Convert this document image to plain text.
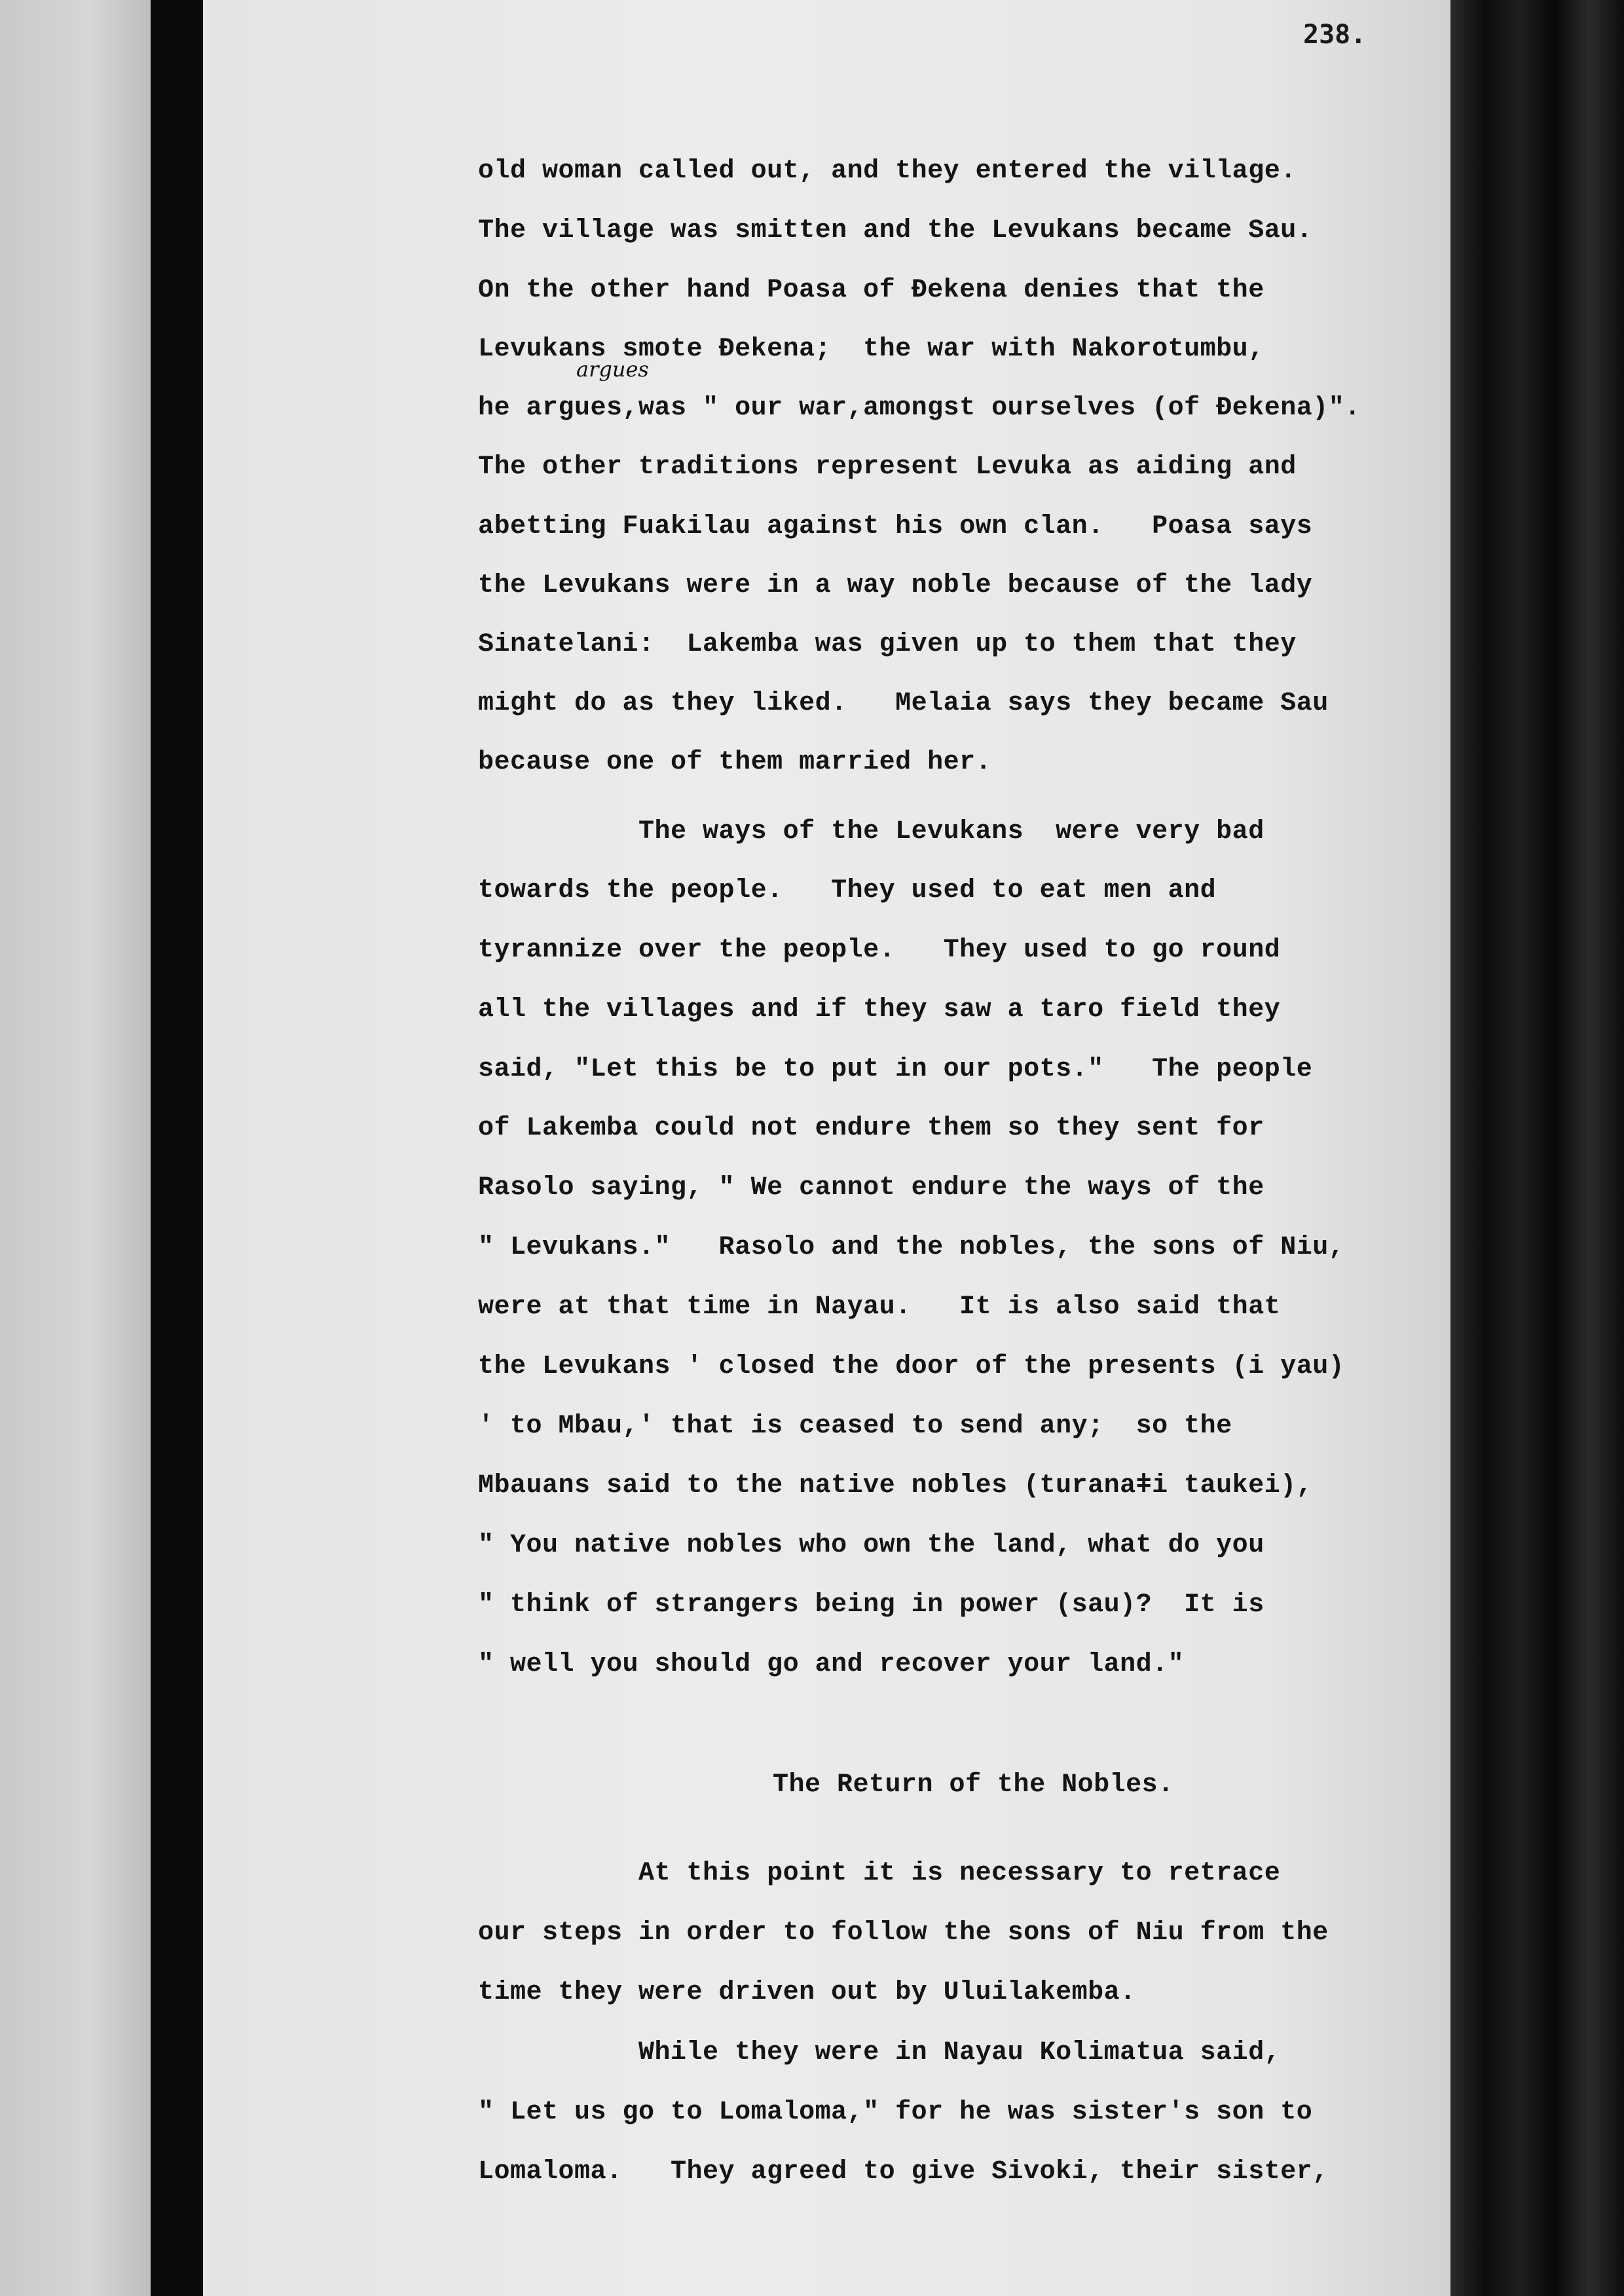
238.
argues

old woman called out, and they entered the village.

The village was smitten and the Levukans became Sau.

On the other hand Poasa of Ɖekena denies that the

Levukans smote Ɖekena;  the war with Nakorotumbu,

he argues,was " our war,amongst ourselves (of Ɖekena)".

The other traditions represent Levuka as aiding and

abetting Fuakilau against his own clan.   Poasa says

the Levukans were in a way noble because of the lady

Sinatelani:  Lakemba was given up to them that they

might do as they liked.   Melaia says they became Sau

because one of them married her.

The ways of the Levukans  were very bad

towards the people.   They used to eat men and

tyrannize over the people.   They used to go round

all the villages and if they saw a taro field they

said, "Let this be to put in our pots."   The people

of Lakemba could not endure them so they sent for

Rasolo saying, " We cannot endure the ways of the

" Levukans."   Rasolo and the nobles, the sons of Niu,

were at that time in Nayau.   It is also said that

the Levukans ' closed the door of the presents (i yau)

' to Mbau,' that is ceased to send any;  so the

Mbauans said to the native nobles (turanaǂi taukei),

" You native nobles who own the land, what do you

" think of strangers being in power (sau)?  It is

" well you should go and recover your land."

The Return of the Nobles.

At this point it is necessary to retrace

our steps in order to follow the sons of Niu from the

time they were driven out by Uluilakemba.

While they were in Nayau Kolimatua said,

" Let us go to Lomaloma," for he was sister's son to

Lomaloma.   They agreed to give Sivoki, their sister,
